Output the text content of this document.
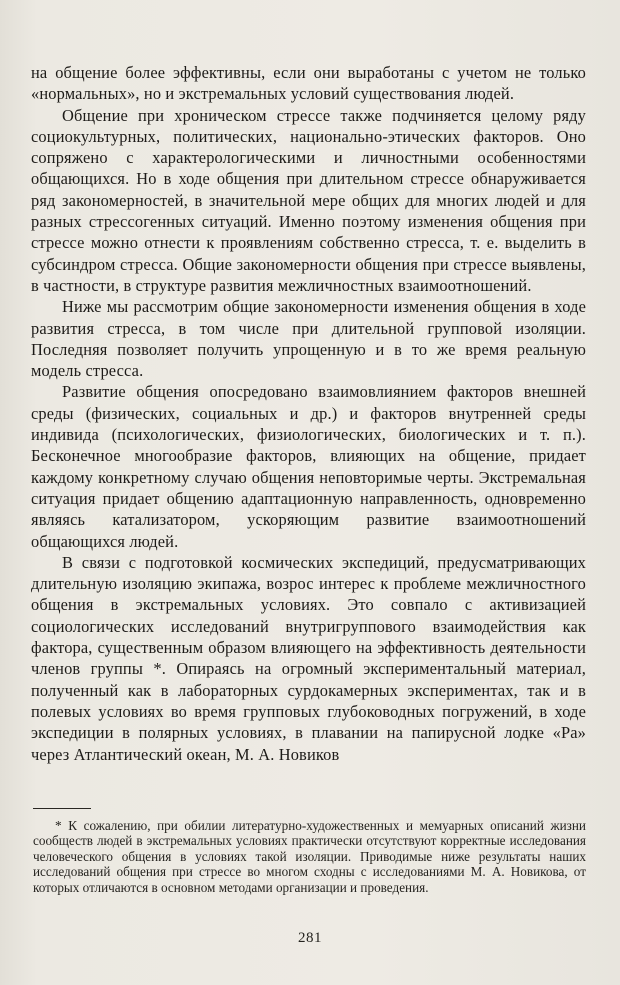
на общение более эффективны, если они выработаны с учетом не только «нормальных», но и экстремальных условий существования людей.

Общение при хроническом стрессе также подчиняется целому ряду социокультурных, политических, национально-этических факторов. Оно сопряжено с характерологическими и личностными особенностями общающихся. Но в ходе общения при длительном стрессе обнаруживается ряд закономерностей, в значительной мере общих для многих людей и для разных стрессогенных ситуаций. Именно поэтому изменения общения при стрессе можно отнести к проявлениям собственно стресса, т. е. выделить в субсиндром стресса. Общие закономерности общения при стрессе выявлены, в частности, в структуре развития межличностных взаимоотношений.

Ниже мы рассмотрим общие закономерности изменения общения в ходе развития стресса, в том числе при длительной групповой изоляции. Последняя позволяет получить упрощенную и в то же время реальную модель стресса.

Развитие общения опосредовано взаимовлиянием факторов внешней среды (физических, социальных и др.) и факторов внутренней среды индивида (психологических, физиологических, биологических и т. п.). Бесконечное многообразие факторов, влияющих на общение, придает каждому конкретному случаю общения неповторимые черты. Экстремальная ситуация придает общению адаптационную направленность, одновременно являясь катализатором, ускоряющим развитие взаимоотношений общающихся людей.

В связи с подготовкой космических экспедиций, предусматривающих длительную изоляцию экипажа, возрос интерес к проблеме межличностного общения в экстремальных условиях. Это совпало с активизацией социологических исследований внутригруппового взаимодействия как фактора, существенным образом влияющего на эффективность деятельности членов группы *. Опираясь на огромный экспериментальный материал, полученный как в лабораторных сурдокамерных экспериментах, так и в полевых условиях во время групповых глубоководных погружений, в ходе экспедиции в полярных условиях, в плавании на папирусной лодке «Ра» через Атлантический океан, М. А. Новиков

* К сожалению, при обилии литературно-художественных и мемуарных описаний жизни сообществ людей в экстремальных условиях практически отсутствуют корректные исследования человеческого общения в условиях такой изоляции. Приводимые ниже результаты наших исследований общения при стрессе во многом сходны с исследованиями М. А. Новикова, от которых отличаются в основном методами организации и проведения.

281
